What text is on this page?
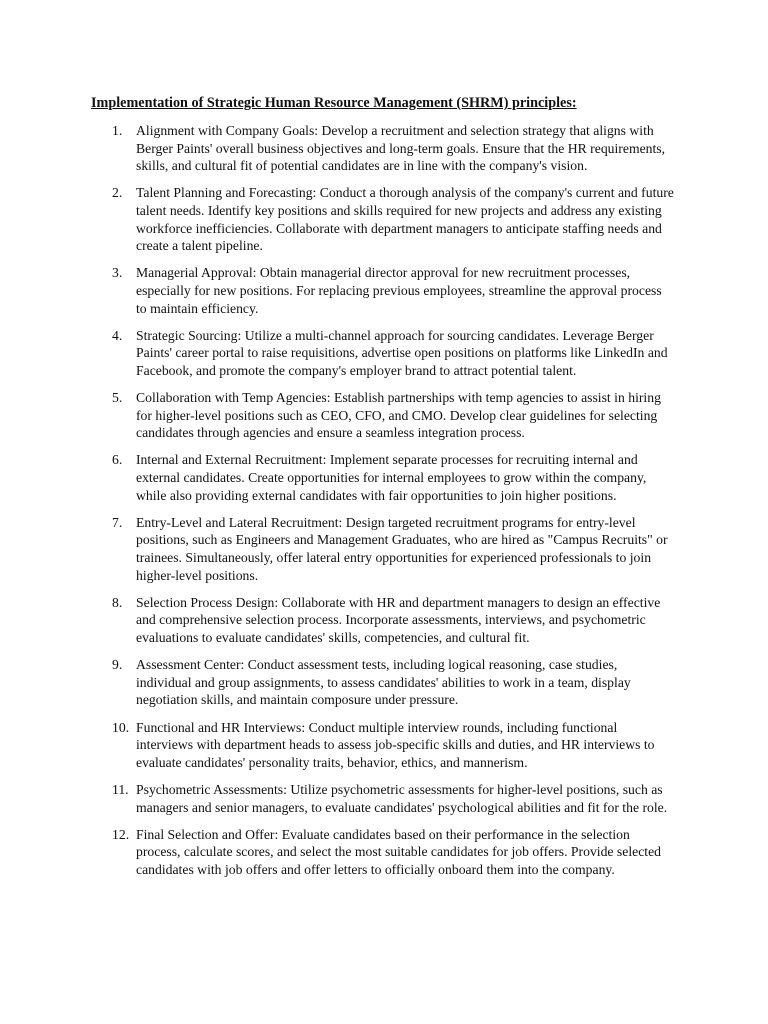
Implementation of Strategic Human Resource Management (SHRM) principles:
1.	Alignment with Company Goals: Develop a recruitment and selection strategy that aligns with Berger Paints' overall business objectives and long-term goals. Ensure that the HR requirements, skills, and cultural fit of potential candidates are in line with the company's vision.
2.	Talent Planning and Forecasting: Conduct a thorough analysis of the company's current and future talent needs. Identify key positions and skills required for new projects and address any existing workforce inefficiencies. Collaborate with department managers to anticipate staffing needs and create a talent pipeline.
3.	Managerial Approval: Obtain managerial director approval for new recruitment processes, especially for new positions. For replacing previous employees, streamline the approval process to maintain efficiency.
4.	Strategic Sourcing: Utilize a multi-channel approach for sourcing candidates. Leverage Berger Paints' career portal to raise requisitions, advertise open positions on platforms like LinkedIn and Facebook, and promote the company's employer brand to attract potential talent.
5.	Collaboration with Temp Agencies: Establish partnerships with temp agencies to assist in hiring for higher-level positions such as CEO, CFO, and CMO. Develop clear guidelines for selecting candidates through agencies and ensure a seamless integration process.
6.	Internal and External Recruitment: Implement separate processes for recruiting internal and external candidates. Create opportunities for internal employees to grow within the company, while also providing external candidates with fair opportunities to join higher positions.
7.	Entry-Level and Lateral Recruitment: Design targeted recruitment programs for entry-level positions, such as Engineers and Management Graduates, who are hired as "Campus Recruits" or trainees. Simultaneously, offer lateral entry opportunities for experienced professionals to join higher-level positions.
8.	Selection Process Design: Collaborate with HR and department managers to design an effective and comprehensive selection process. Incorporate assessments, interviews, and psychometric evaluations to evaluate candidates' skills, competencies, and cultural fit.
9.	Assessment Center: Conduct assessment tests, including logical reasoning, case studies, individual and group assignments, to assess candidates' abilities to work in a team, display negotiation skills, and maintain composure under pressure.
10. Functional and HR Interviews: Conduct multiple interview rounds, including functional interviews with department heads to assess job-specific skills and duties, and HR interviews to evaluate candidates' personality traits, behavior, ethics, and mannerism.
11. Psychometric Assessments: Utilize psychometric assessments for higher-level positions, such as managers and senior managers, to evaluate candidates' psychological abilities and fit for the role.
12. Final Selection and Offer: Evaluate candidates based on their performance in the selection process, calculate scores, and select the most suitable candidates for job offers. Provide selected candidates with job offers and offer letters to officially onboard them into the company.
